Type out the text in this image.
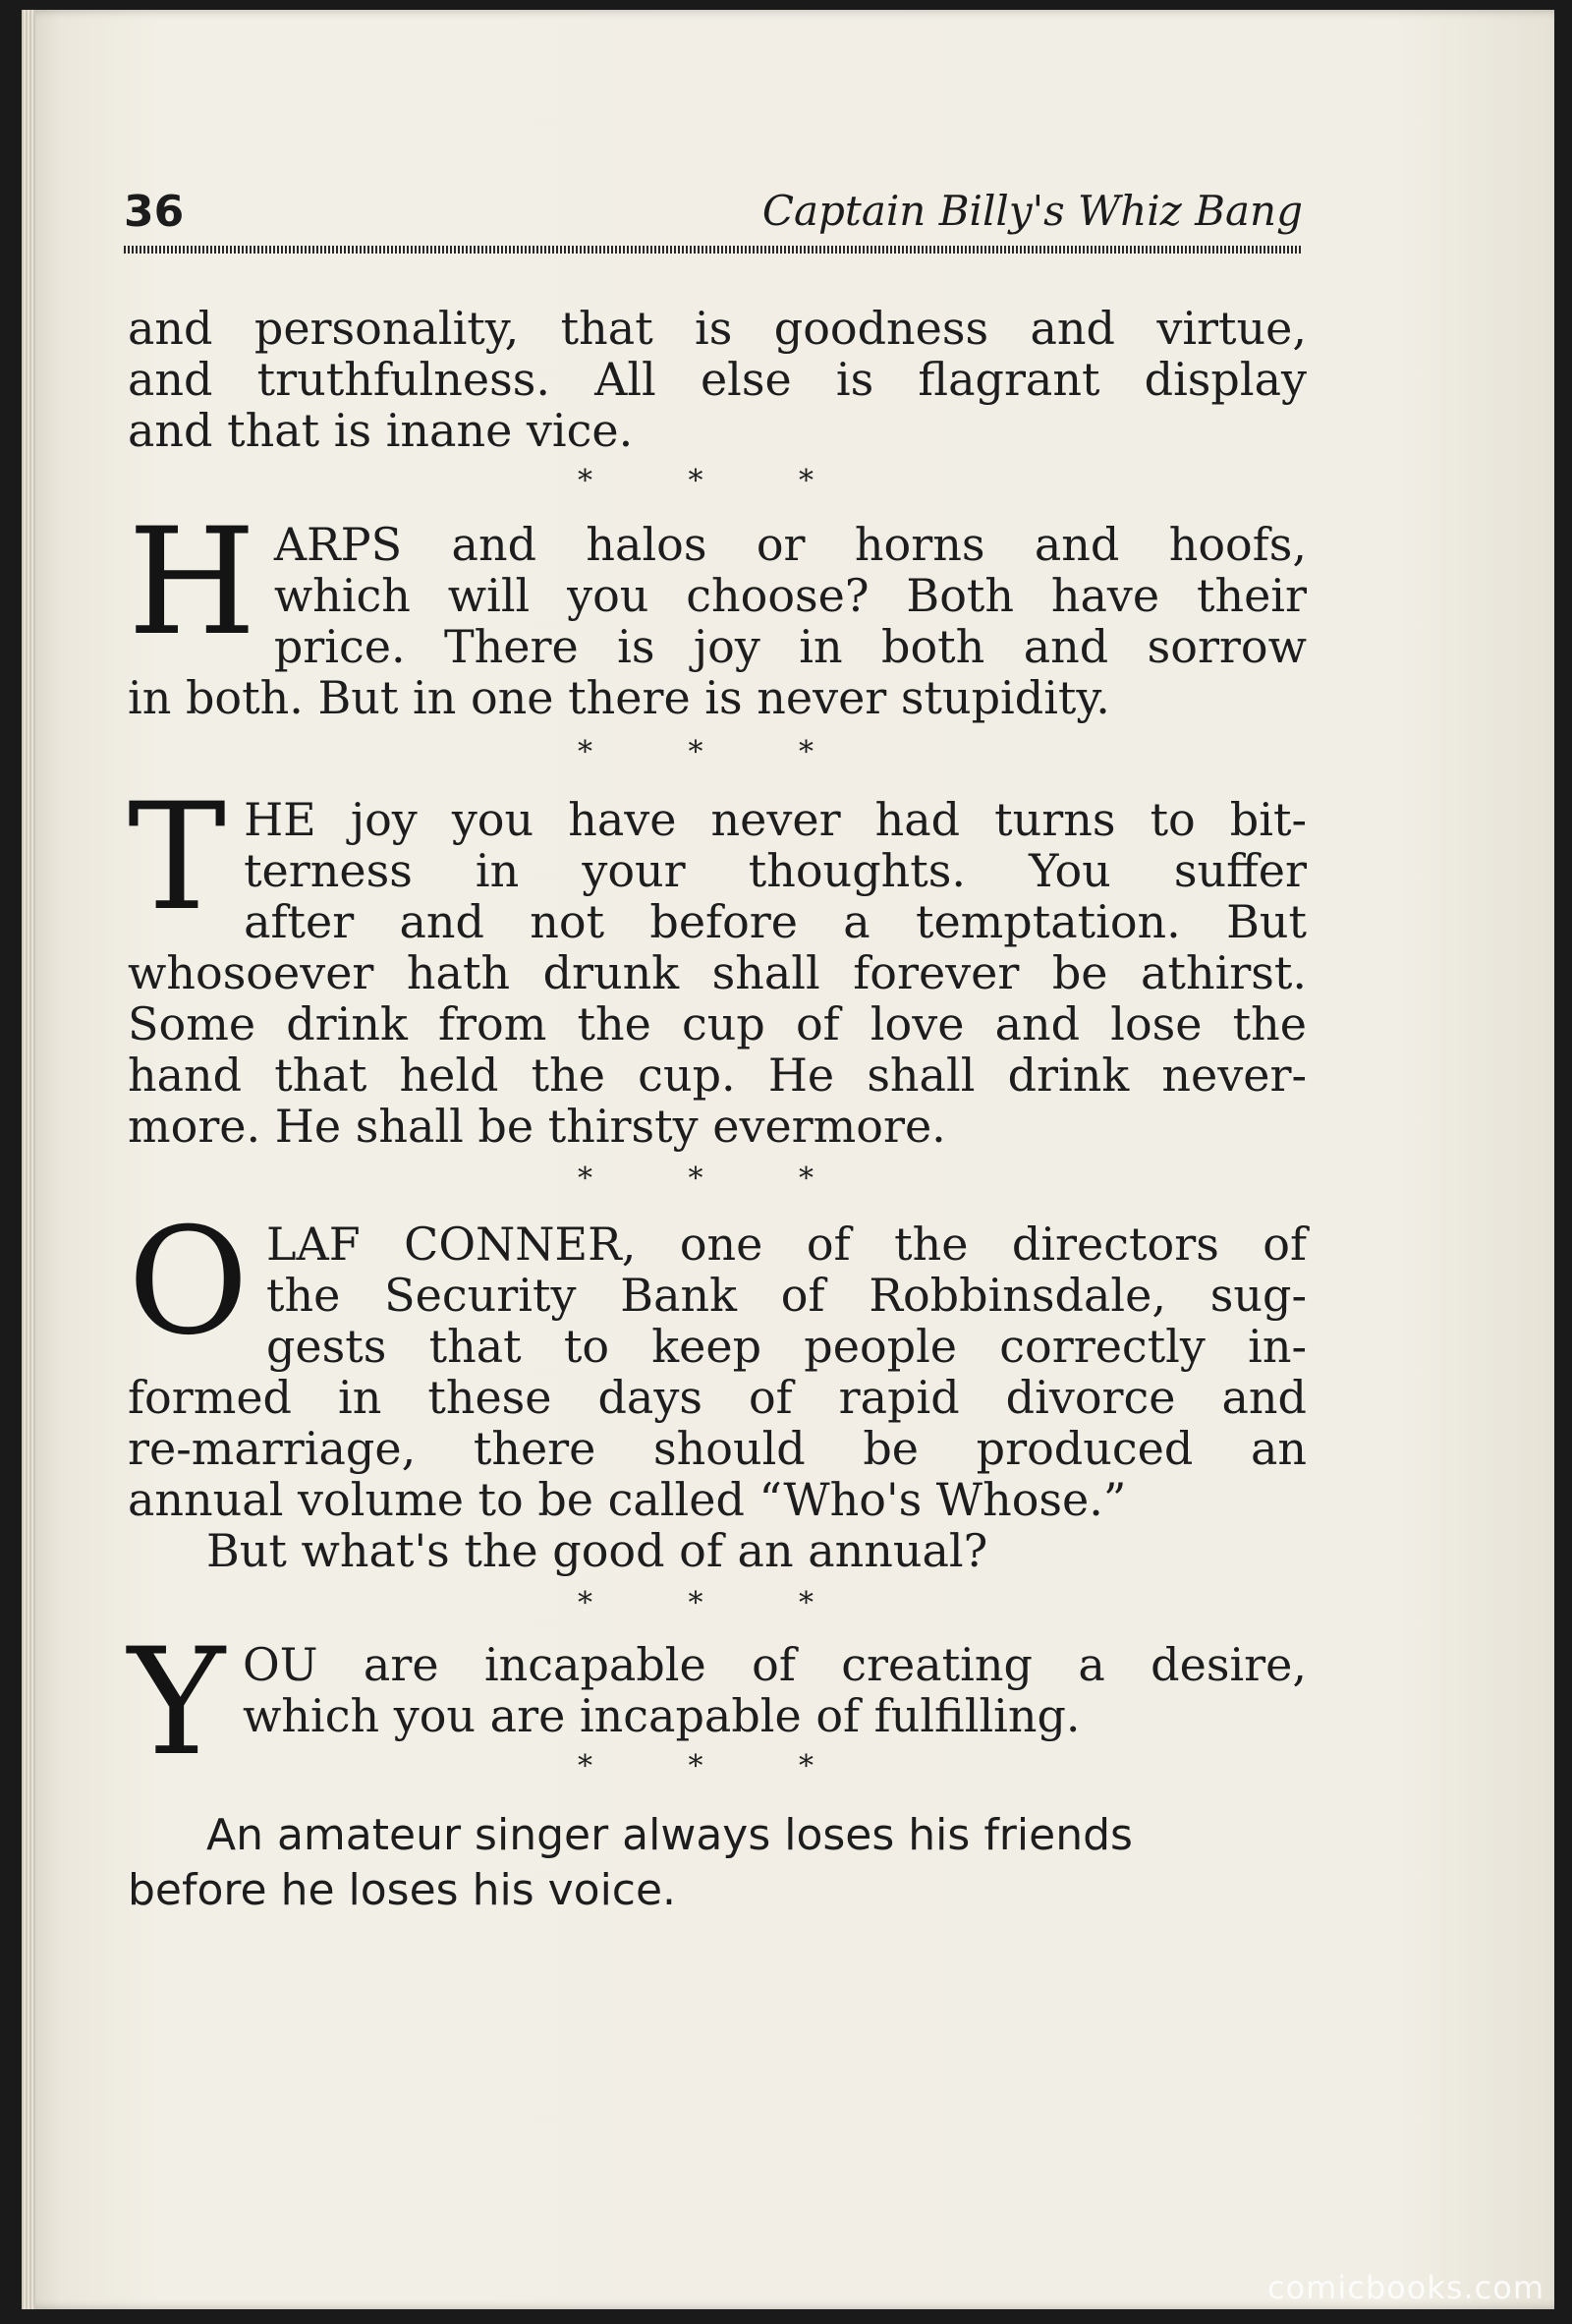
36	Captain Billy's Whiz Bang
and personality, that is goodness and virtue,
and truthfulness. All else is flagrant display
and that is inane vice.
* * *
H ARPS and halos or horns and hoofs,
which will you choose? Both have their
price. There is joy in both and sorrow
in both. But in one there is never stupidity.
* * *
T HE joy you have never had turns to bit-
terness in your thoughts. You suffer
after and not before a temptation. But
whosoever hath drunk shall forever be athirst.
Some drink from the cup of love and lose the
hand that held the cup. He shall drink never-
more. He shall be thirsty evermore.
* * *
O LAF CONNER, one of the directors of
the Security Bank of Robbinsdale, sug-
gests that to keep people correctly in-
formed in these days of rapid divorce and
re-marriage, there should be produced an
annual volume to be called “Who's Whose.”
But what's the good of an annual?
* * *
Y OU are incapable of creating a desire,
which you are incapable of fulfilling.
* * *
An amateur singer always loses his friends
before he loses his voice.
comicbooks.com
